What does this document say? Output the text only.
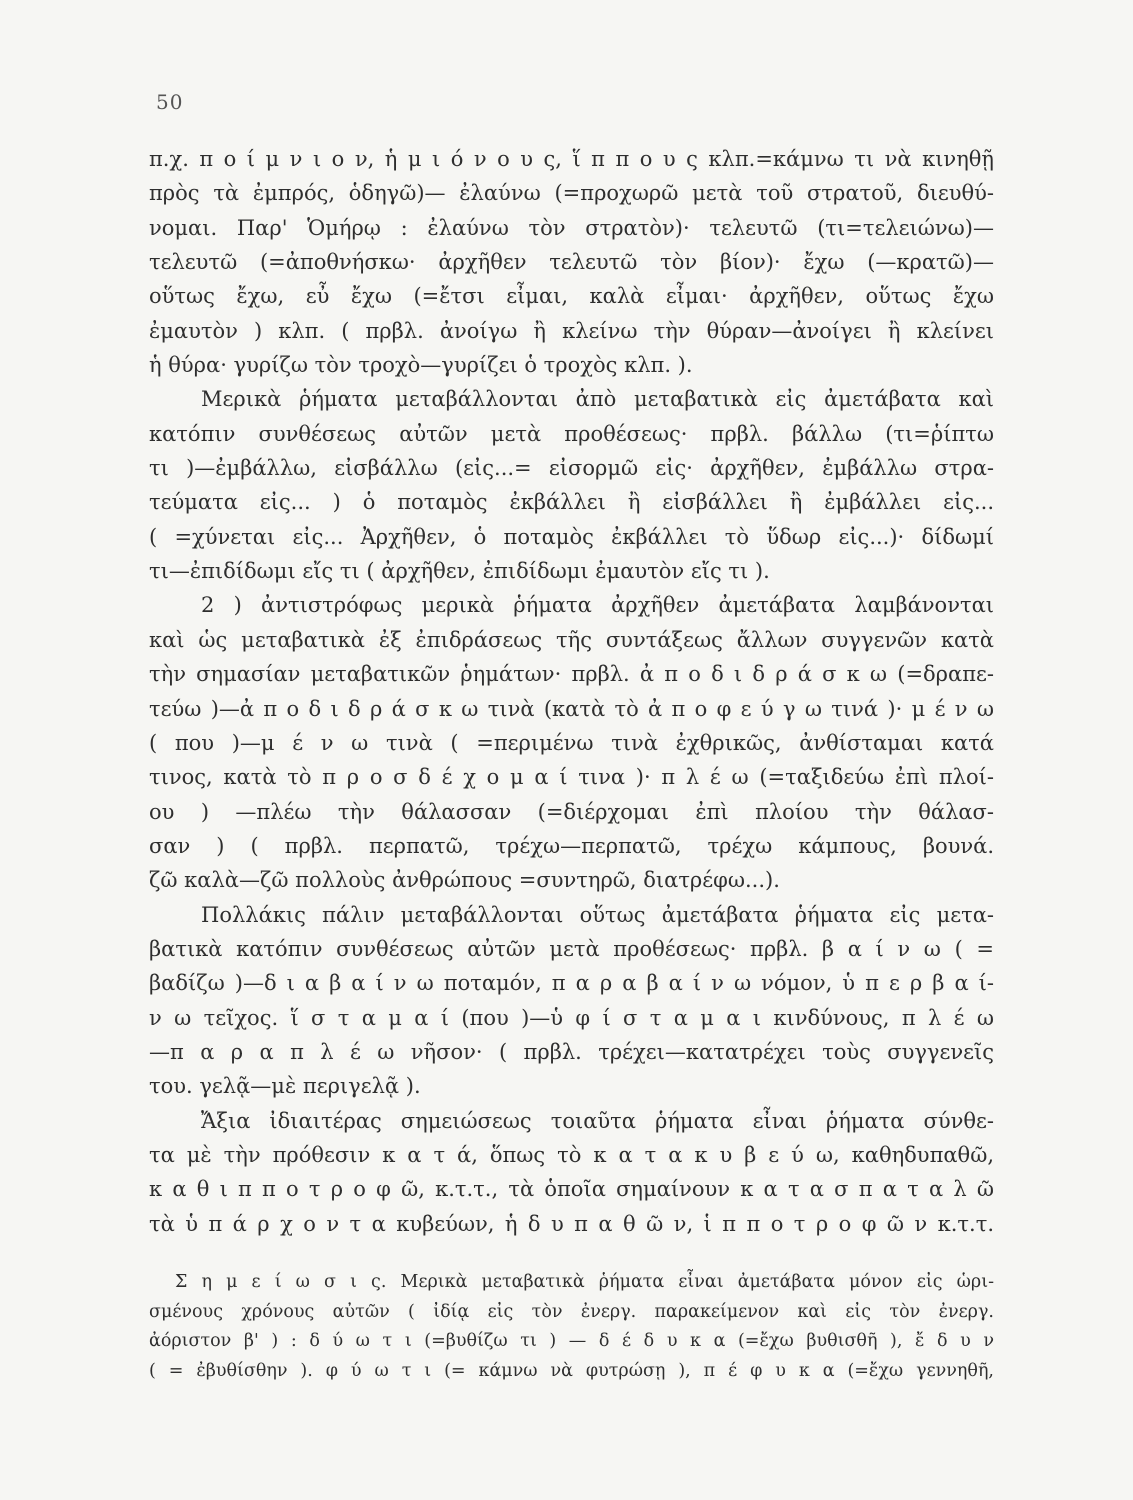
50
π.χ. π ο ί μ ν ι ο ν, ἡ μ ι ό ν ο υ ς, ἵ π π ο υ ς κλπ.=κάμνω τι νὰ κινηθῇ
πρὸς τὰ ἐμπρός, ὁδηγῶ)— ἐλαύνω (=προχωρῶ μετὰ τοῦ στρατοῦ, διευθύ-
νομαι. Παρ' Ὁμήρῳ : ἐλαύνω τὸν στρατὸν)· τελευτῶ (τι=τελειώνω)—
τελευτῶ (=ἀποθνήσκω· ἀρχῆθεν τελευτῶ τὸν βίον)· ἔχω (—κρατῶ)—
οὕτως ἔχω, εὖ ἔχω (=ἔτσι εἶμαι, καλὰ εἶμαι· ἀρχῆθεν, οὕτως ἔχω
ἐμαυτὸν ) κλπ. ( πρβλ. ἀνοίγω ἢ κλείνω τὴν θύραν—ἀνοίγει ἢ κλείνει
ἡ θύρα· γυρίζω τὸν τροχὸ—γυρίζει ὁ τροχὸς κλπ. ).
Μερικὰ ῥήματα μεταβάλλονται ἀπὸ μεταβατικὰ εἰς ἀμετάβατα καὶ
κατόπιν συνθέσεως αὐτῶν μετὰ προθέσεως· πρβλ. βάλλω (τι=ῥίπτω
τι )—ἐμβάλλω, εἰσβάλλω (εἰς...= εἰσορμῶ εἰς· ἀρχῆθεν, ἐμβάλλω στρα-
τεύματα εἰς... ) ὁ ποταμὸς ἐκβάλλει ἢ εἰσβάλλει ἢ ἐμβάλλει εἰς...
( =χύνεται εἰς... Ἀρχῆθεν, ὁ ποταμὸς ἐκβάλλει τὸ ὕδωρ εἰς...)· δίδωμί
τι—ἐπιδίδωμι εἴς τι ( ἀρχῆθεν, ἐπιδίδωμι ἐμαυτὸν εἴς τι ).
2 ) ἀντιστρόφως μερικὰ ῥήματα ἀρχῆθεν ἀμετάβατα λαμβάνονται
καὶ ὡς μεταβατικὰ ἐξ ἐπιδράσεως τῆς συντάξεως ἄλλων συγγενῶν κατὰ
τὴν σημασίαν μεταβατικῶν ῥημάτων· πρβλ. ἀ π ο δ ι δ ρ ά σ κ ω (=δραπε-
τεύω )—ἀ π ο δ ι δ ρ ά σ κ ω τινὰ (κατὰ τὸ ἀ π ο φ ε ύ γ ω τινά )· μ έ ν ω
( που )—μ έ ν ω τινὰ ( =περιμένω τινὰ ἐχθρικῶς, ἀνθίσταμαι κατά
τινος, κατὰ τὸ π ρ ο σ δ έ χ ο μ α ί τινα )· π λ έ ω (=ταξιδεύω ἐπὶ πλοί-
ου ) —πλέω τὴν θάλασσαν (=διέρχομαι ἐπὶ πλοίου τὴν θάλασ-
σαν ) ( πρβλ. περπατῶ, τρέχω—περπατῶ, τρέχω κάμπους, βουνά.
ζῶ καλὰ—ζῶ πολλοὺς ἀνθρώπους =συντηρῶ, διατρέφω...).
Πολλάκις πάλιν μεταβάλλονται οὕτως ἀμετάβατα ῥήματα εἰς μετα-
βατικὰ κατόπιν συνθέσεως αὐτῶν μετὰ προθέσεως· πρβλ. β α ί ν ω ( =
βαδίζω )—δ ι α β α ί ν ω ποταμόν, π α ρ α β α ί ν ω νόμον, ὑ π ε ρ β α ί-
ν ω τεῖχος. ἵ σ τ α μ α ί (που )—ὑ φ ί σ τ α μ α ι κινδύνους, π λ έ ω
—π α ρ α π λ έ ω νῆσον· ( πρβλ. τρέχει—κατατρέχει τοὺς συγγενεῖς
του. γελᾷ—μὲ περιγελᾷ ).
Ἄξια ἰδιαιτέρας σημειώσεως τοιαῦτα ῥήματα εἶναι ῥήματα σύνθε-
τα μὲ τὴν πρόθεσιν κ α τ ά, ὅπως τὸ κ α τ α κ υ β ε ύ ω, καθηδυπαθῶ,
κ α θ ι π π ο τ ρ ο φ ῶ, κ.τ.τ., τὰ ὁποῖα σημαίνουν κ α τ α σ π α τ α λ ῶ
τὰ ὑ π ά ρ χ ο ν τ α κυβεύων, ἡ δ υ π α θ ῶ ν, ἱ π π ο τ ρ ο φ ῶ ν κ.τ.τ.
Σ η μ ε ί ω σ ι ς. Μερικὰ μεταβατικὰ ῥήματα εἶναι ἀμετάβατα μόνον εἰς ὡρι-
σμένους χρόνους αὐτῶν ( ἰδίᾳ εἰς τὸν ἐνεργ. παρακείμενον καὶ εἰς τὸν ἐνεργ.
ἀόριστον β' ) : δ ύ ω τ ι (=βυθίζω τι ) — δ έ δ υ κ α (=ἔχω βυθισθῆ ), ἔ δ υ ν
( = ἐβυθίσθην ). φ ύ ω τ ι (= κάμνω νὰ φυτρώσῃ ), π έ φ υ κ α (=ἔχω γεννηθῆ,
